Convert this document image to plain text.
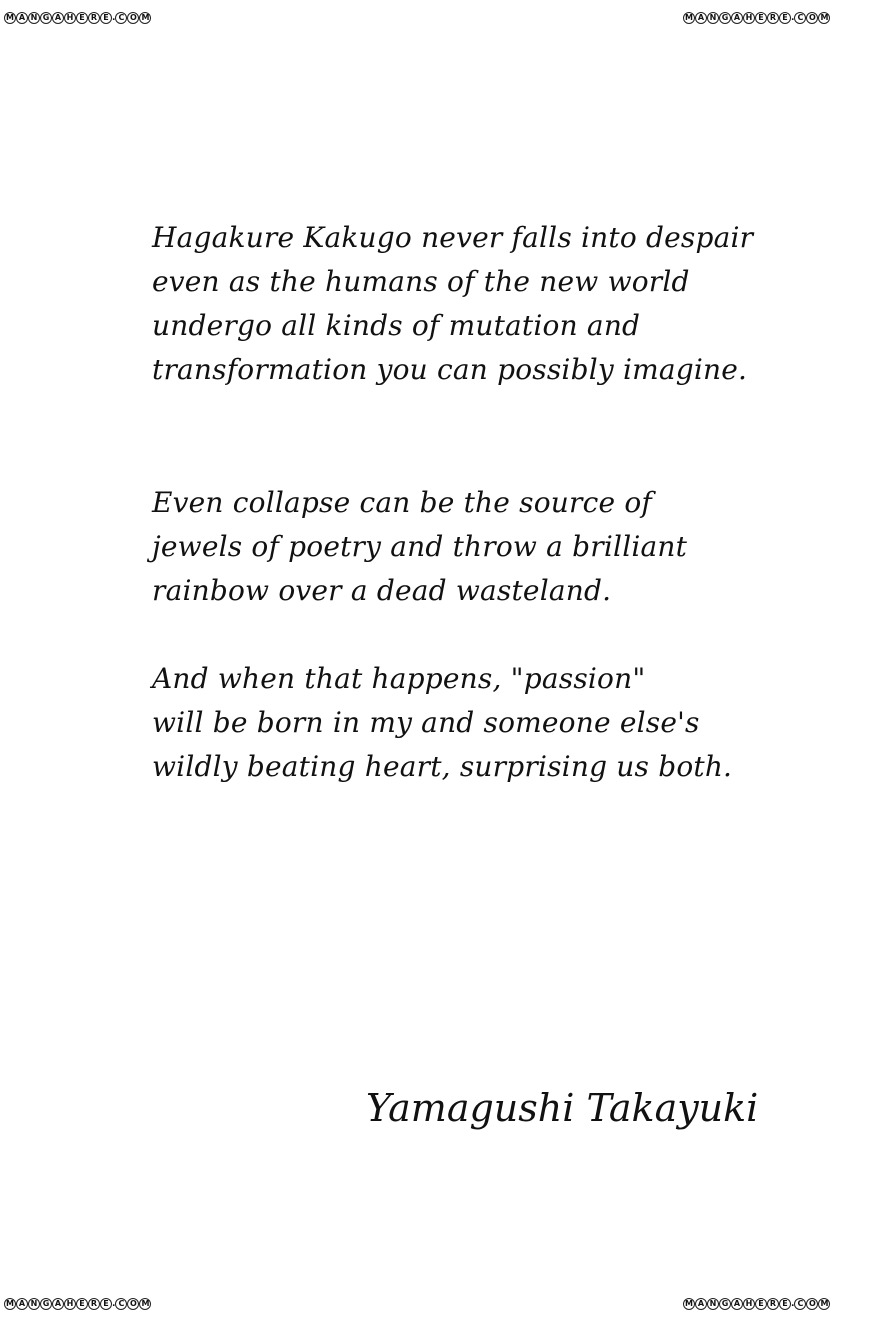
M A N G A H E R E . C O M	M A N G A H E R E . C O M
M A N G A H E R E . C O M	M A N G A H E R E . C O M
Hagakure Kakugo never falls into despair
even as the humans of the new world
undergo all kinds of mutation and
transformation you can possibly imagine.
Even collapse can be the source of
jewels of poetry and throw a brilliant
rainbow over a dead wasteland.
And when that happens, "passion"
will be born in my and someone else's
wildly beating heart, surprising us both.
Yamagushi Takayuki
